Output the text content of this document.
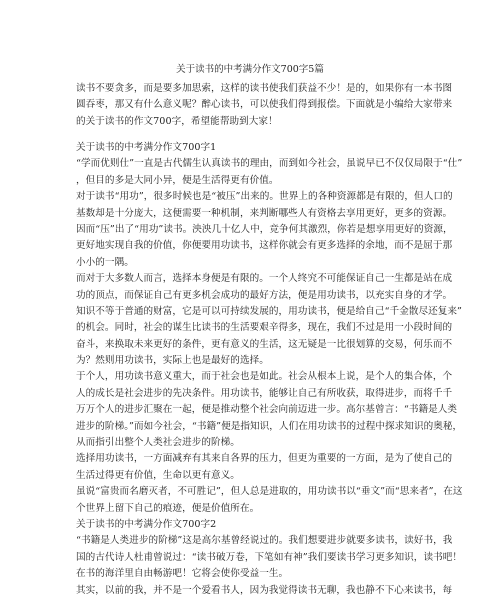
关于读书的中考满分作文700字5篇
读书不要贪多，而是要多加思索，这样的读书使我们获益不少！是的，如果你有一本书图
圆吞枣，那又有什么意义呢？醉心读书，可以使我们得到报偿。下面就是小编给大家带来
的关于读书的作文700字，希望能帮助到大家！
关于读书的中考满分作文700字1
“学而优则仕”一直是古代儒生认真读书的理由，而到如今社会，虽说早已不仅仅局限于“仕”
，但目的多是大同小异，便是生活得更有价值。
对于读书“用功”，很多时候也是“被压”出来的。世界上的各种资源都是有限的，但人口的
基数却是十分庞大，这便需要一种机制，来判断哪些人有资格去享用更好，更多的资源。
因而“压”出了“用功”读书。泱泱几十亿人中，竞争何其激烈，你若是想享用更好的资源，
更好地实现自我的价值，你便要用功读书，这样你就会有更多选择的余地，而不是屈于那
小小的一隅。
而对于大多数人而言，选择本身便是有限的。一个人终究不可能保证自己一生都是站在成
功的顶点，而保证自己有更多机会成功的最好方法，便是用功读书，以充实自身的才学。
知识不等于普通的财富，它是可以可持续发展的，用功读书，便是给自己“千金散尽还复来”
的机会。同时，社会的谋生比读书的生活要艰辛得多，现在，我们不过是用一小段时间的
奋斗，来换取未来更好的条件，更有意义的生活，这无疑是一比很划算的交易，何乐而不
为？然则用功读书，实际上也是最好的选择。
于个人，用功读书意义重大，而于社会也是如此。社会从根本上说，是个人的集合体，个
人的成长是社会进步的先决条件。用功读书，能够让自己有所收获，取得进步，而将千千
万万个人的进步汇聚在一起，便是推动整个社会向前迈进一步。高尔基曾言：“书籍是人类
进步的阶梯。”而如今社会，“书籍”便是指知识，人们在用功读书的过程中探求知识的奥秘，
从而指引出整个人类社会进步的阶梯。
选择用功读书，一方面减弃有其来自各界的压力，但更为重要的一方面，是为了使自己的
生活过得更有价值，生命以更有意义。
虽说“富贵而名磨灭者，不可胜记”，但人总是进取的，用功读书以“垂文”而“思来者”，在这
个世界上留下自己的痕迹，便是价值所在。
关于读书的中考满分作文700字2
“书籍是人类进步的阶梯”这是高尔基曾经说过的。我们想要进步就要多读书，读好书，我
国的古代诗人杜甫曾说过：“读书破万卷，下笔如有神”我们要读书学习更多知识，读书吧！
在书的海洋里自由畅游吧！它将会使你受益一生。
其实，以前的我，并不是一个爱看书人，因为我觉得读书无聊，我也静不下心来读书，每
